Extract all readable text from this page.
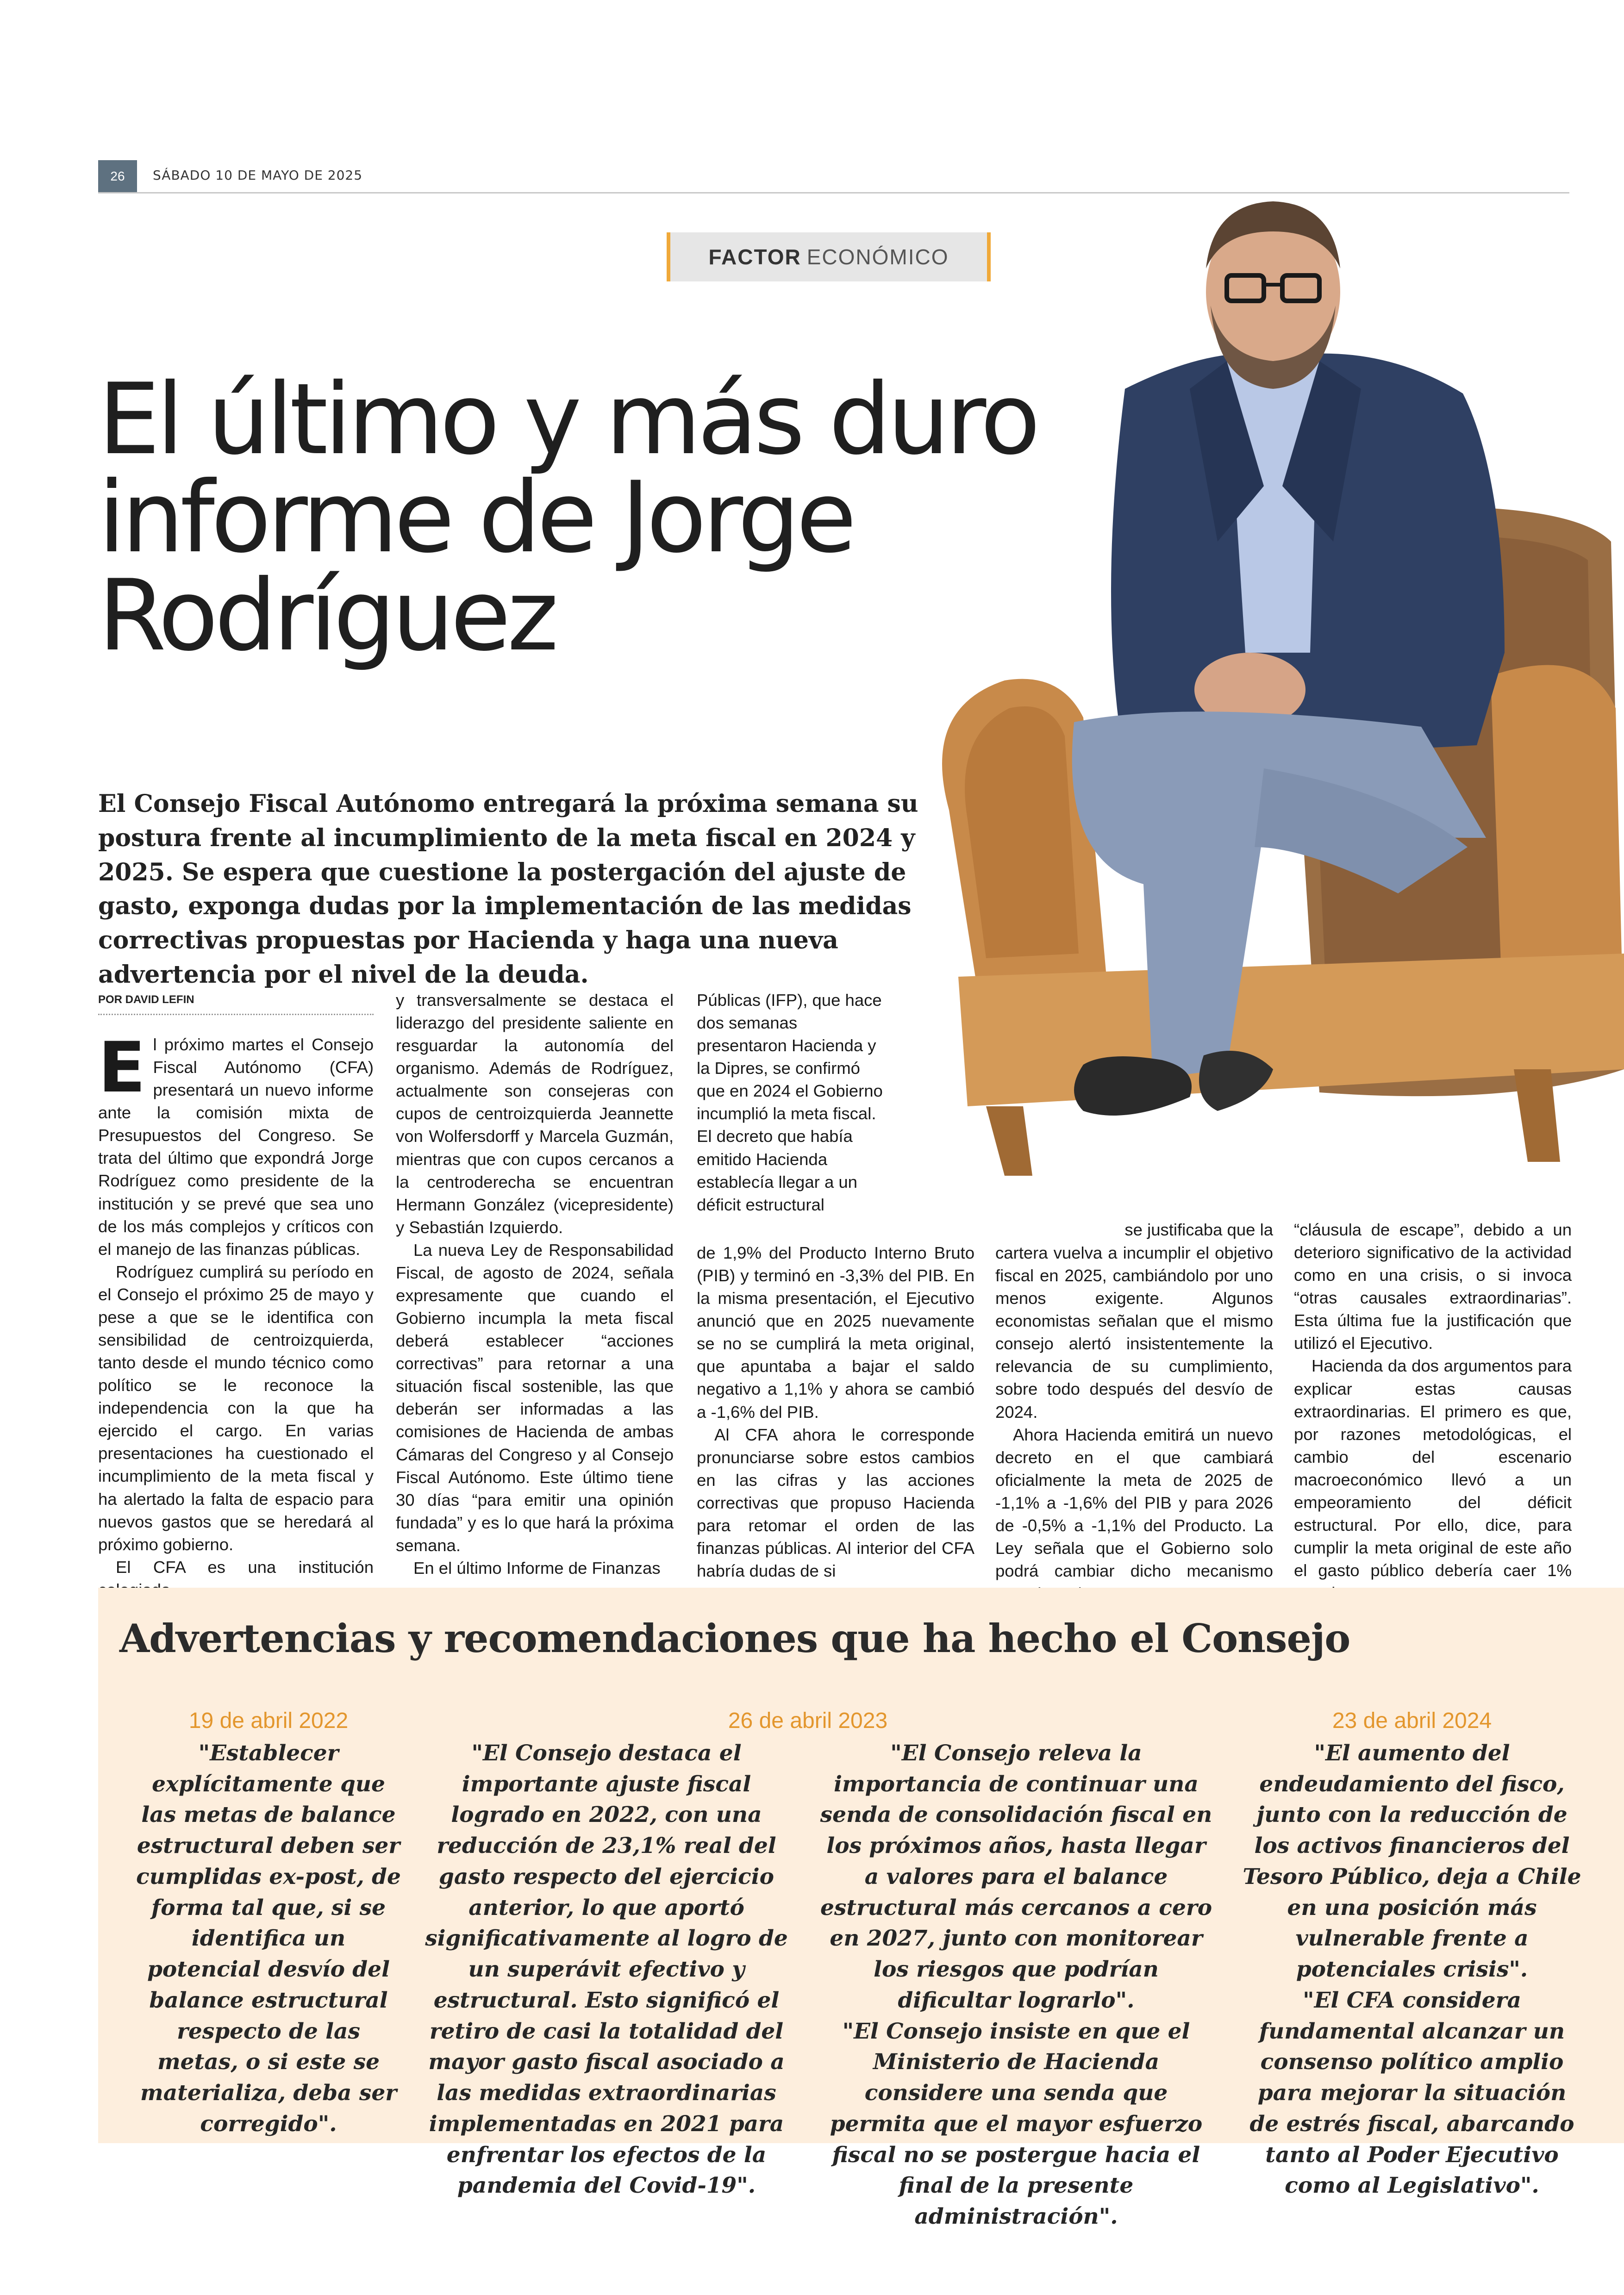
26	SÁBADO 10 DE MAYO DE 2025
FACTOR ECONÓMICO
El último y más duro informe de Jorge Rodríguez
El Consejo Fiscal Autónomo entregará la próxima semana su postura frente al incumplimiento de la meta fiscal en 2024 y 2025. Se espera que cuestione la postergación del ajuste de gasto, exponga dudas por la implementación de las medidas correctivas propuestas por Hacienda y haga una nueva advertencia por el nivel de la deuda.
POR DAVID LEFIN

El próximo martes el Consejo Fiscal Autónomo (CFA) presentará un nuevo informe ante la comisión mixta de Presupuestos del Congreso. Se trata del último que expondrá Jorge Rodríguez como presidente de la institución y se prevé que sea uno de los más complejos y críticos con el manejo de las finanzas públicas.

Rodríguez cumplirá su período en el Consejo el próximo 25 de mayo y pese a que se le identifica con sensibilidad de centroizquierda, tanto desde el mundo técnico como político se le reconoce la independencia con la que ha ejercido el cargo. En varias presentaciones ha cuestionado el incumplimiento de la meta fiscal y ha alertado la falta de espacio para nuevos gastos que se heredará al próximo gobierno.

El CFA es una institución

y transversalmente se destaca el liderazgo del presidente saliente en resguardar la autonomía del organismo. Además de Rodríguez, actualmente son consejeras con cupos de centroizquierda Jeannette von Wolfersdorff y Marcela Guzmán, mientras que con cupos cercanos a la centroderecha se encuentran Hermann González (vicepresidente) y Sebastián Izquierdo.

La nueva Ley de Responsabilidad Fiscal, de agosto de 2024, señala expresamente que cuando el Gobierno incumpla la meta fiscal deberá establecer “acciones correctivas” para retornar a una situación fiscal sostenible, las que deberán ser informadas a las comisiones de Hacienda de ambas Cámaras del Congreso y al Consejo Fiscal Autónomo. Este último tiene 30 días “para emitir una opinión fundada” y es lo que hará la próxima semana.

En el último Informe de Finanzas

Públicas (IFP), que hace dos semanas presentaron Hacienda y la Dipres, se confirmó que en 2024 el Gobierno incumplió la meta fiscal. El decreto que había emitido Hacienda establecía llegar a un déficit estructural

de 1,9% del Producto Interno Bruto (PIB) y terminó en -3,3% del PIB. En la misma presentación, el Ejecutivo anunció que en 2025 nuevamente se no se cumplirá la meta original, que apuntaba a bajar el saldo negativo a 1,1% y ahora se cambió a -1,6% del PIB.

Al CFA ahora le corresponde pronunciarse sobre estos cambios en las cifras y las acciones correctivas que propuso Hacienda para retomar el orden de las finanzas públicas. Al interior del CFA habría dudas de si

se justificaba que la

cartera vuelva a incumplir el objetivo fiscal en 2025, cambiándolo por uno menos exigente. Algunos economistas señalan que el mismo consejo alertó insistentemente la relevancia de su cumplimiento, sobre todo después del desvío de 2024.

Ahora Hacienda emitirá un nuevo decreto en el que cambiará oficialmente la meta de 2025 de -1,1% a -1,6% del PIB y para 2026 de -0,5% a -1,1% del Producto. La Ley señala que el Gobierno solo podrá cambiar dicho mecanismo

“cláusula de escape”, debido a un deterioro significativo de la actividad como en una crisis, o si invoca “otras causales extraordinarias”. Esta última fue la justificación que utilizó el Ejecutivo.

Hacienda da dos argumentos para explicar estas causas extraordinarias. El primero es que, por razones metodológicas, el cambio del escenario macroeconómico llevó a un empeoramiento del déficit estructural. Por ello, dice, para cumplir la meta original de este año el gasto público debería caer 1%

Advertencias y recomendaciones que ha hecho el Consejo
19 de abril 2022

"Establecer explícitamente que las metas de balance estructural deben ser cumplidas ex-post, de forma tal que, si se identifica un potencial desvío del balance estructural respecto de las metas, o si este se materializa, deba ser corregido".

26 de abril 2023

"El Consejo destaca el importante ajuste fiscal logrado en 2022, con una reducción de 23,1% real del gasto respecto del ejercicio anterior, lo que aportó significativamente al logro de un superávit efectivo y estructural. Esto significó el retiro de casi la totalidad del mayor gasto fiscal asociado a las medidas extraordinarias implementadas en 2021 para enfrentar los efectos de la pandemia del Covid-19".

"El Consejo releva la importancia de continuar una senda de consolidación fiscal en los próximos años, hasta llegar a valores para el balance estructural más cercanos a cero en 2027, junto con monitorear los riesgos que podrían dificultar lograrlo".

"El Consejo insiste en que el Ministerio de Hacienda considere una senda que permita que el mayor esfuerzo fiscal no se postergue hacia el final de la presente administración".

23 de abril 2024

"El aumento del endeudamiento del fisco, junto con la reducción de los activos financieros del Tesoro Público, deja a Chile en una posición más vulnerable frente a potenciales crisis".

"El CFA considera fundamental alcanzar un consenso político amplio para mejorar la situación de estrés fiscal, abarcando tanto al Poder Ejecutivo como al Legislativo".
